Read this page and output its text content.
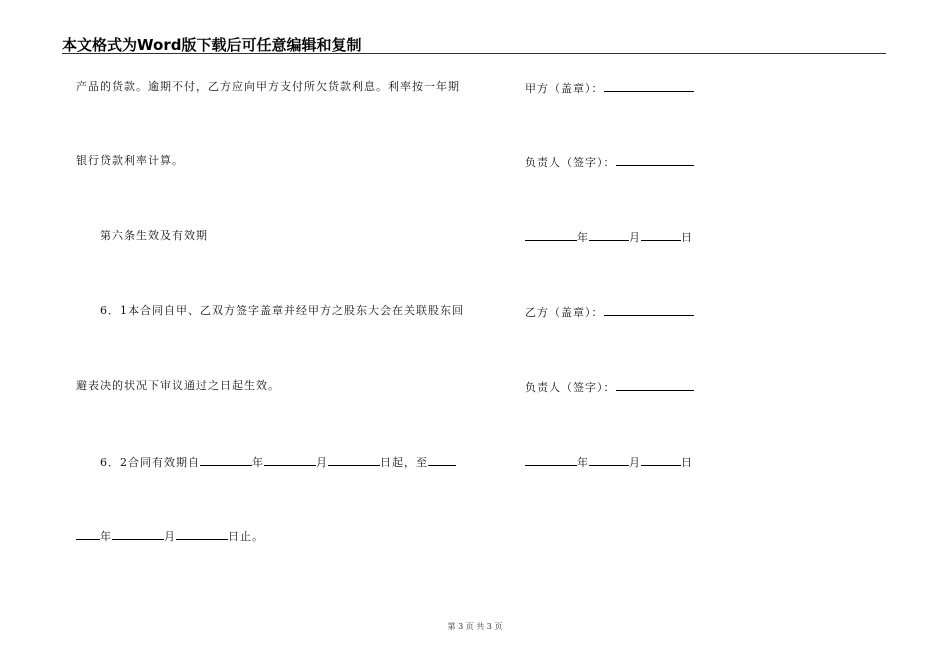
本文格式为Word版下载后可任意编辑和复制
产品的货款。逾期不付，乙方应向甲方支付所欠货款利息。利率按一年期
银行贷款利率计算。
第六条生效及有效期
6．1本合同自甲、乙双方签字盖章并经甲方之股东大会在关联股东回
避表决的状况下审议通过之日起生效。
6．2合同有效期自	年	月	日起，至
年	月	日止。
甲方（盖章）：
负责人（签字）：
年	月	日
乙方（盖章）：
负责人（签字）：
年	月	日
第 3 页 共 3 页
